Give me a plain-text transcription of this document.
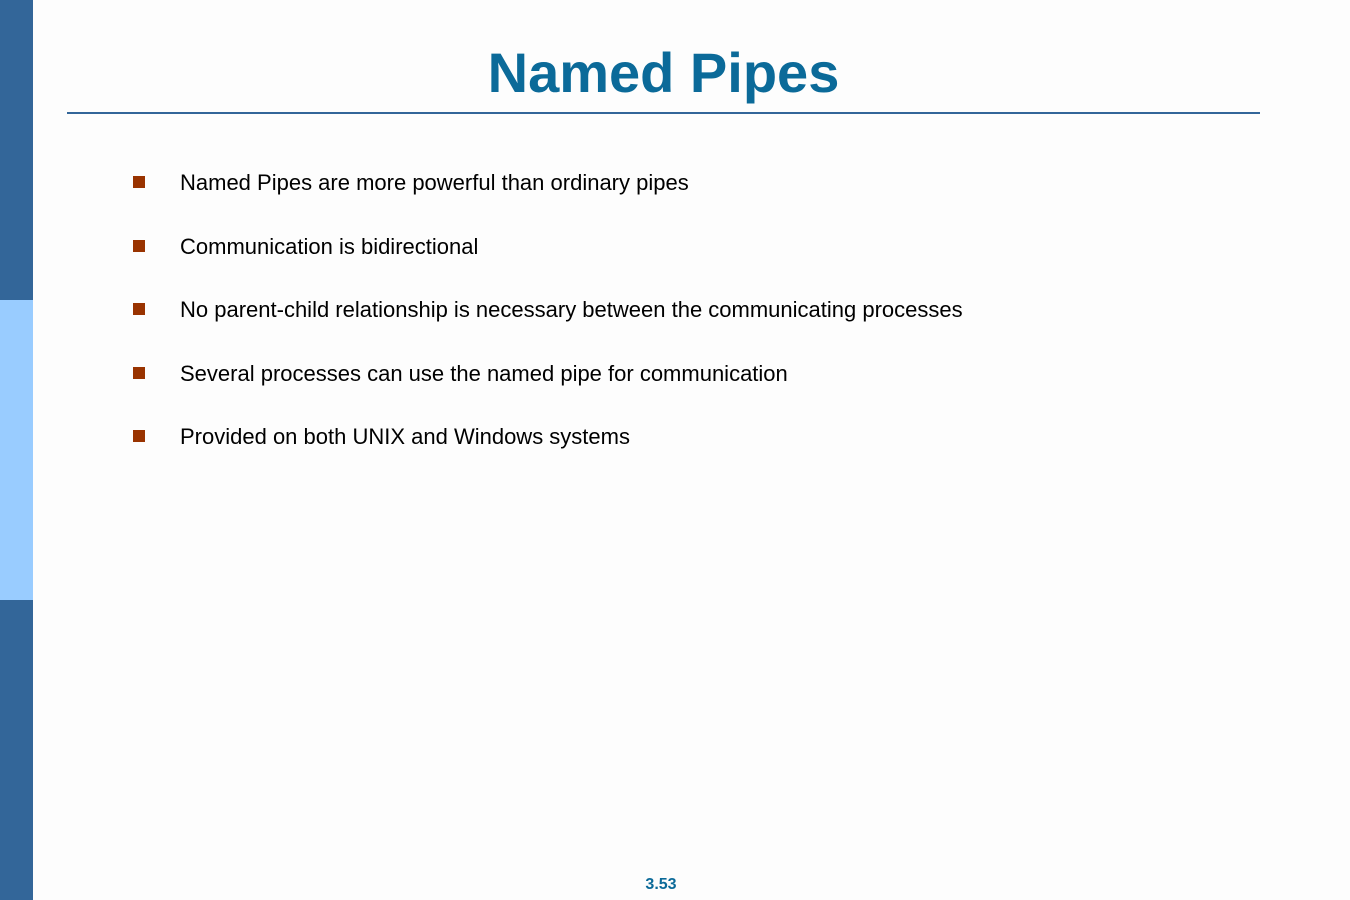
Named Pipes
Named Pipes are more powerful than ordinary pipes
Communication is bidirectional
No parent-child relationship is necessary between the communicating processes
Several processes can use the named pipe for communication
Provided on both UNIX and Windows systems
3.53
